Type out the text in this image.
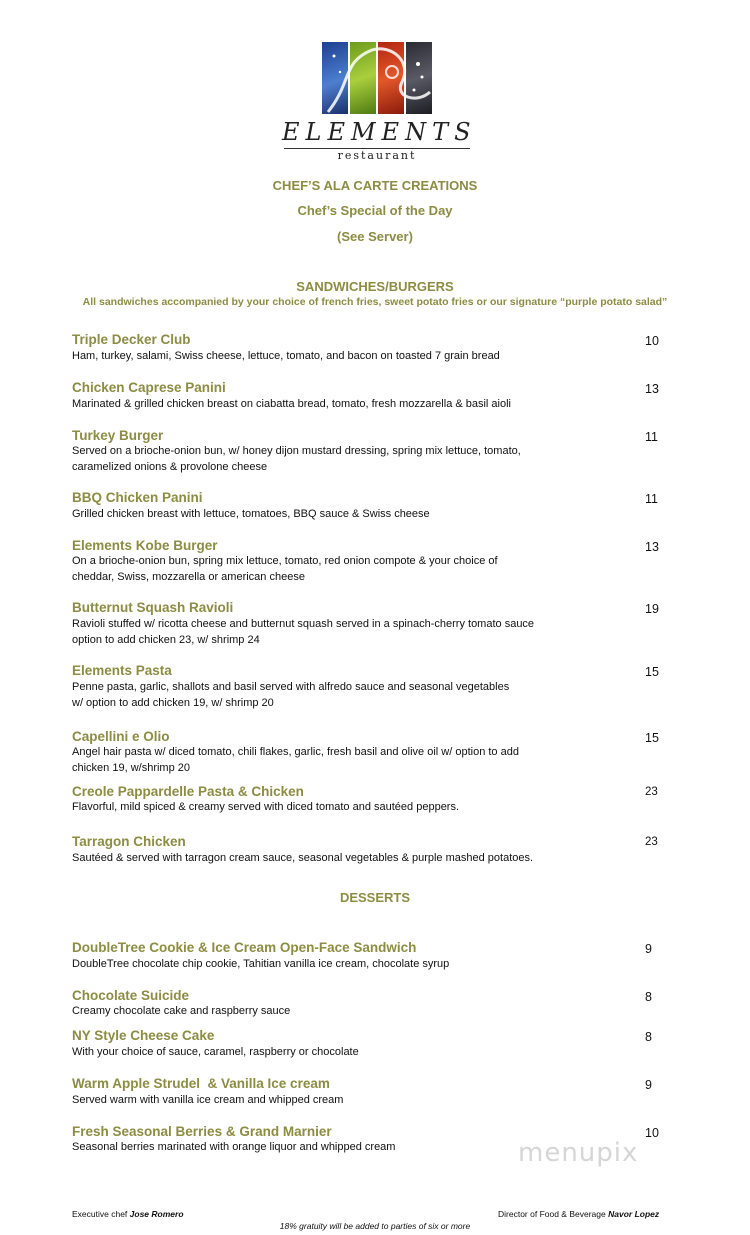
ELEMENTS
restaurant
CHEF’S ALA CARTE CREATIONS
Chef’s Special of the Day
(See Server)
SANDWICHES/BURGERS
All sandwiches accompanied by your choice of french fries, sweet potato fries or our signature “purple potato salad”
Triple Decker Club
Ham, turkey, salami, Swiss cheese, lettuce, tomato, and bacon on toasted 7 grain bread
10
Chicken Caprese Panini
Marinated & grilled chicken breast on ciabatta bread, tomato, fresh mozzarella & basil aioli
13
Turkey Burger
Served on a brioche-onion bun, w/ honey dijon mustard dressing, spring mix lettuce, tomato, caramelized onions & provolone cheese
11
BBQ Chicken Panini
Grilled chicken breast with lettuce, tomatoes, BBQ sauce & Swiss cheese
11
Elements Kobe Burger
On a brioche-onion bun, spring mix lettuce, tomato, red onion compote & your choice of cheddar, Swiss, mozzarella or american cheese
13
Butternut Squash Ravioli
Ravioli stuffed w/ ricotta cheese and butternut squash served in a spinach-cherry tomato sauce option to add chicken 23, w/ shrimp 24
19
Elements Pasta
Penne pasta, garlic, shallots and basil served with alfredo sauce and seasonal vegetables w/ option to add chicken 19, w/ shrimp 20
15
Capellini e Olio
Angel hair pasta w/ diced tomato, chili flakes, garlic, fresh basil and olive oil w/ option to add chicken 19, w/shrimp 20
15
Creole Pappardelle Pasta & Chicken
Flavorful, mild spiced & creamy served with diced tomato and sautéed peppers.
23
Tarragon Chicken
Sautéed & served with tarragon cream sauce, seasonal vegetables & purple mashed potatoes.
23
DESSERTS
DoubleTree Cookie & Ice Cream Open-Face Sandwich
DoubleTree chocolate chip cookie, Tahitian vanilla ice cream, chocolate syrup
9
Chocolate Suicide
Creamy chocolate cake and raspberry sauce
8
NY Style Cheese Cake
With your choice of sauce, caramel, raspberry or chocolate
8
Warm Apple Strudel  & Vanilla Ice cream
Served warm with vanilla ice cream and whipped cream
9
Fresh Seasonal Berries & Grand Marnier
Seasonal berries marinated with orange liquor and whipped cream
10
menupix
Executive chef Jose Romero	Director of Food & Beverage Navor Lopez
18% gratuity will be added to parties of six or more
